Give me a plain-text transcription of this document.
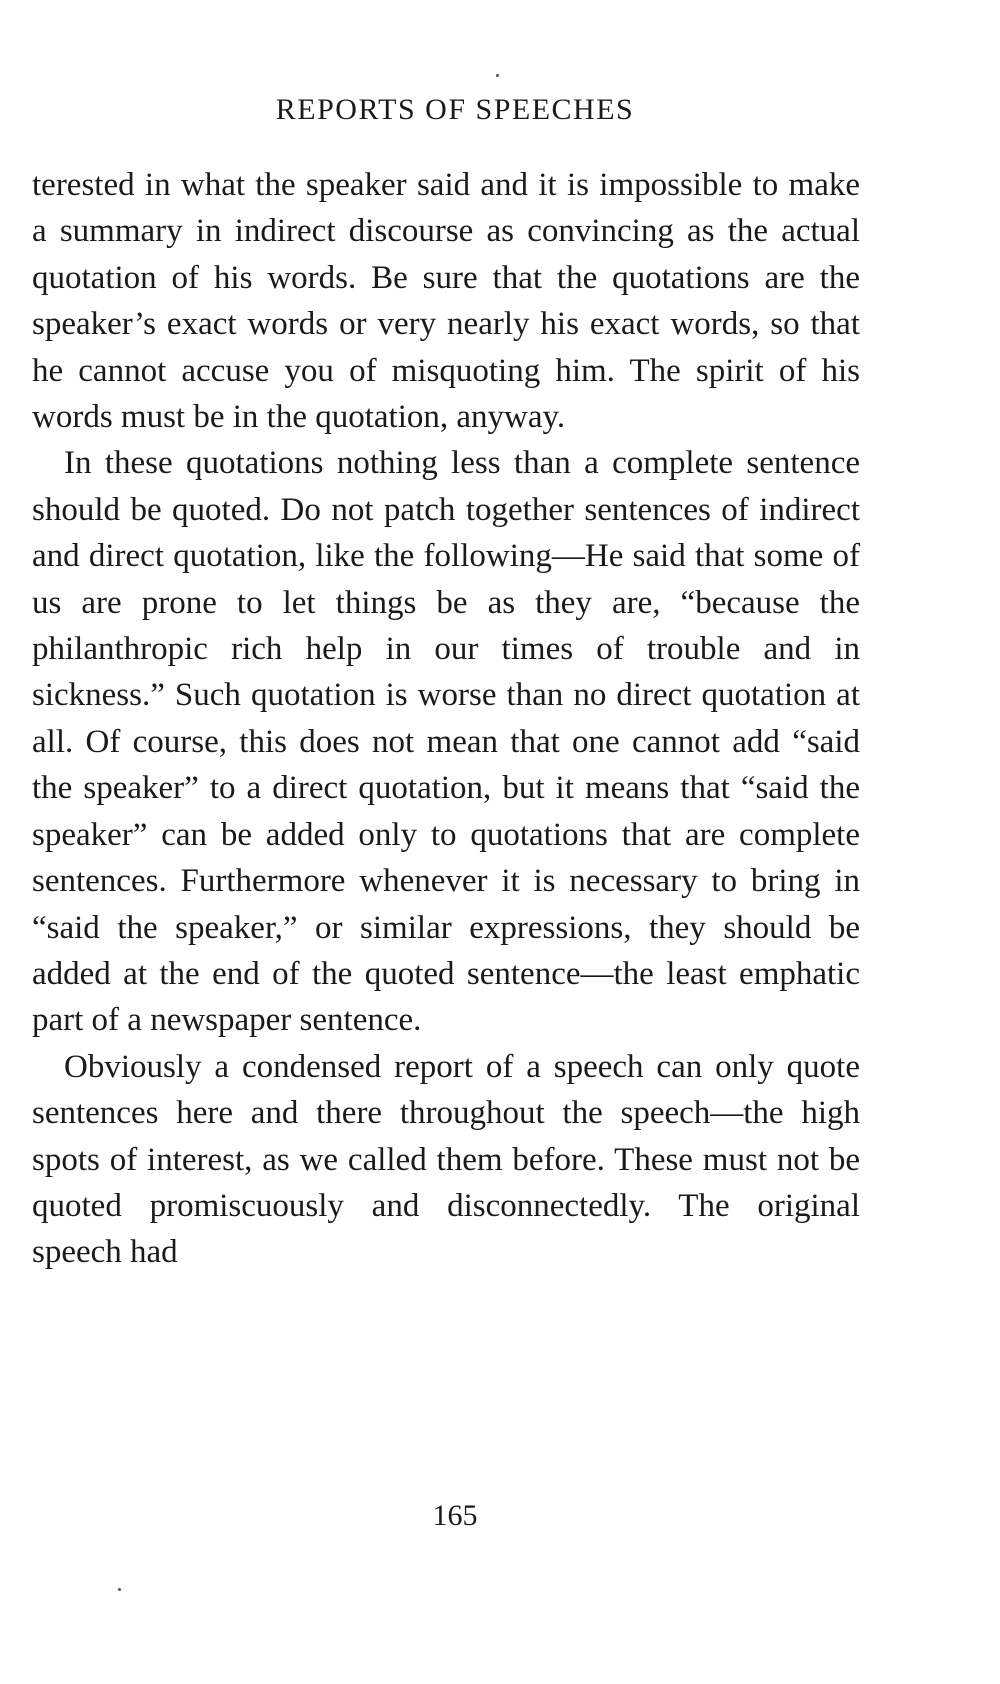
REPORTS OF SPEECHES

terested in what the speaker said and it is impossible to make a summary in indirect discourse as convincing as the actual quotation of his words. Be sure that the quotations are the speaker’s exact words or very nearly his exact words, so that he cannot accuse you of misquoting him. The spirit of his words must be in the quotation, anyway.

In these quotations nothing less than a complete sentence should be quoted. Do not patch together sentences of indirect and direct quotation, like the following—He said that some of us are prone to let things be as they are, “because the philanthropic rich help in our times of trouble and in sickness.” Such quotation is worse than no direct quotation at all. Of course, this does not mean that one cannot add “said the speaker” to a direct quotation, but it means that “said the speaker” can be added only to quotations that are complete sentences. Furthermore whenever it is necessary to bring in “said the speaker,” or similar expressions, they should be added at the end of the quoted sentence—the least emphatic part of a newspaper sentence.

Obviously a condensed report of a speech can only quote sentences here and there throughout the speech—the high spots of interest, as we called them before. These must not be quoted promiscuously and disconnectedly. The original speech had

165
